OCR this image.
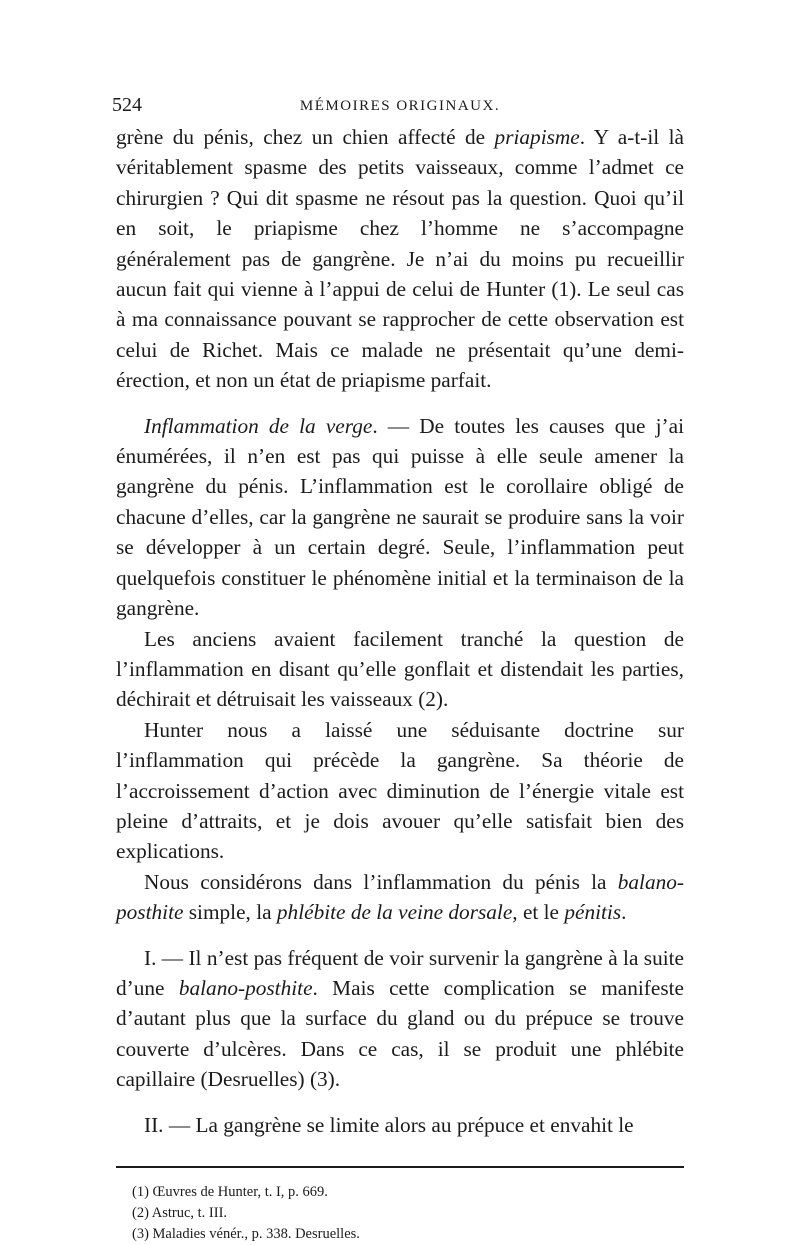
524	MÉMOIRES ORIGINAUX.

grène du pénis, chez un chien affecté de priapisme. Y a-t-il là véritablement spasme des petits vaisseaux, comme l’admet ce chirurgien ? Qui dit spasme ne résout pas la question. Quoi qu’il en soit, le priapisme chez l’homme ne s’accompagne généralement pas de gangrène. Je n’ai du moins pu recueillir aucun fait qui vienne à l’appui de celui de Hunter (1). Le seul cas à ma connaissance pouvant se rapprocher de cette observation est celui de Richet. Mais ce malade ne présentait qu’une demi-érection, et non un état de priapisme parfait.

Inflammation de la verge. — De toutes les causes que j’ai énumérées, il n’en est pas qui puisse à elle seule amener la gangrène du pénis. L’inflammation est le corollaire obligé de chacune d’elles, car la gangrène ne saurait se produire sans la voir se développer à un certain degré. Seule, l’inflammation peut quelquefois constituer le phénomène initial et la terminaison de la gangrène.

Les anciens avaient facilement tranché la question de l’inflammation en disant qu’elle gonflait et distendait les parties, déchirait et détruisait les vaisseaux (2).

Hunter nous a laissé une séduisante doctrine sur l’inflammation qui précède la gangrène. Sa théorie de l’accroissement d’action avec diminution de l’énergie vitale est pleine d’attraits, et je dois avouer qu’elle satisfait bien des explications.

Nous considérons dans l’inflammation du pénis la balano-posthite simple, la phlébite de la veine dorsale, et le pénitis.

I. — Il n’est pas fréquent de voir survenir la gangrène à la suite d’une balano-posthite. Mais cette complication se manifeste d’autant plus que la surface du gland ou du prépuce se trouve couverte d’ulcères. Dans ce cas, il se produit une phlébite capillaire (Desruelles) (3).

II. — La gangrène se limite alors au prépuce et envahit le

(1) Œuvres de Hunter, t. I, p. 669.
(2) Astruc, t. III.
(3) Maladies vénér., p. 338. Desruelles.
